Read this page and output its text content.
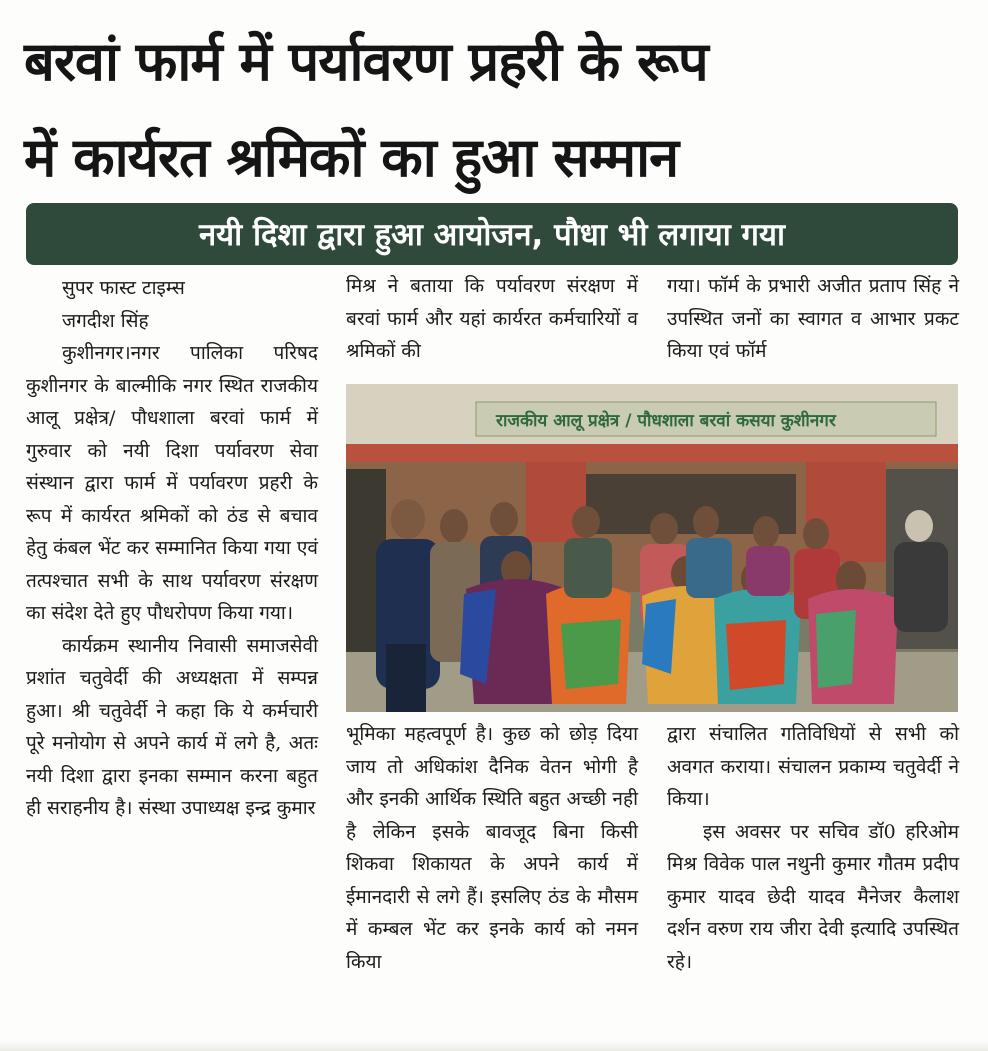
बरवां फार्म में पर्यावरण प्रहरी के रूप
में कार्यरत श्रमिकों का हुआ सम्मान
नयी दिशा द्वारा हुआ आयोजन, पौधा भी लगाया गया

सुपर फास्ट टाइम्स

जगदीश सिंह

कुशीनगर।नगर पालिका परिषद कुशीनगर के बाल्मीकि नगर स्थित राजकीय आलू प्रक्षेत्र/ पौधशाला बरवां फार्म में गुरुवार को नयी दिशा पर्यावरण सेवा संस्थान द्वारा फार्म में पर्यावरण प्रहरी के रूप में कार्यरत श्रमिकों को ठंड से बचाव हेतु कंबल भेंट कर सम्मानित किया गया एवं तत्पश्चात सभी के साथ पर्यावरण संरक्षण का संदेश देते हुए पौधरोपण किया गया।

कार्यक्रम स्थानीय निवासी समाजसेवी प्रशांत चतुवेर्दी की अध्यक्षता में सम्पन्न हुआ। श्री चतुवेर्दी ने कहा कि ये कर्मचारी पूरे मनोयोग से अपने कार्य में लगे है, अतः नयी दिशा द्वारा इनका सम्मान करना बहुत ही सराहनीय है। संस्था उपाध्यक्ष इन्द्र कुमार

मिश्र ने बताया कि पर्यावरण संरक्षण में बरवां फार्म और यहां कार्यरत कर्मचारियों व श्रमिकों की

गया। फॉर्म के प्रभारी अजीत प्रताप सिंह ने उपस्थित जनों का स्वागत व आभार प्रकट किया एवं फॉर्म

राजकीय आलू प्रक्षेत्र / पौधशाला बरवां कसया कुशीनगर

भूमिका महत्वपूर्ण है। कुछ को छोड़ दिया जाय तो अधिकांश दैनिक वेतन भोगी है और इनकी आर्थिक स्थिति बहुत अच्छी नही है लेकिन इसके बावजूद बिना किसी शिकवा शिकायत के अपने कार्य में ईमानदारी से लगे हैं। इसलिए ठंड के मौसम में कम्बल भेंट कर इनके कार्य को नमन किया

द्वारा संचालित गतिविधियों से सभी को अवगत कराया। संचालन प्रकाम्य चतुवेर्दी ने किया।

इस अवसर पर सचिव डॉ0 हरिओम मिश्र विवेक पाल नथुनी कुमार गौतम प्रदीप कुमार यादव छेदी यादव मैनेजर कैलाश दर्शन वरुण राय जीरा देवी इत्यादि उपस्थित रहे।
